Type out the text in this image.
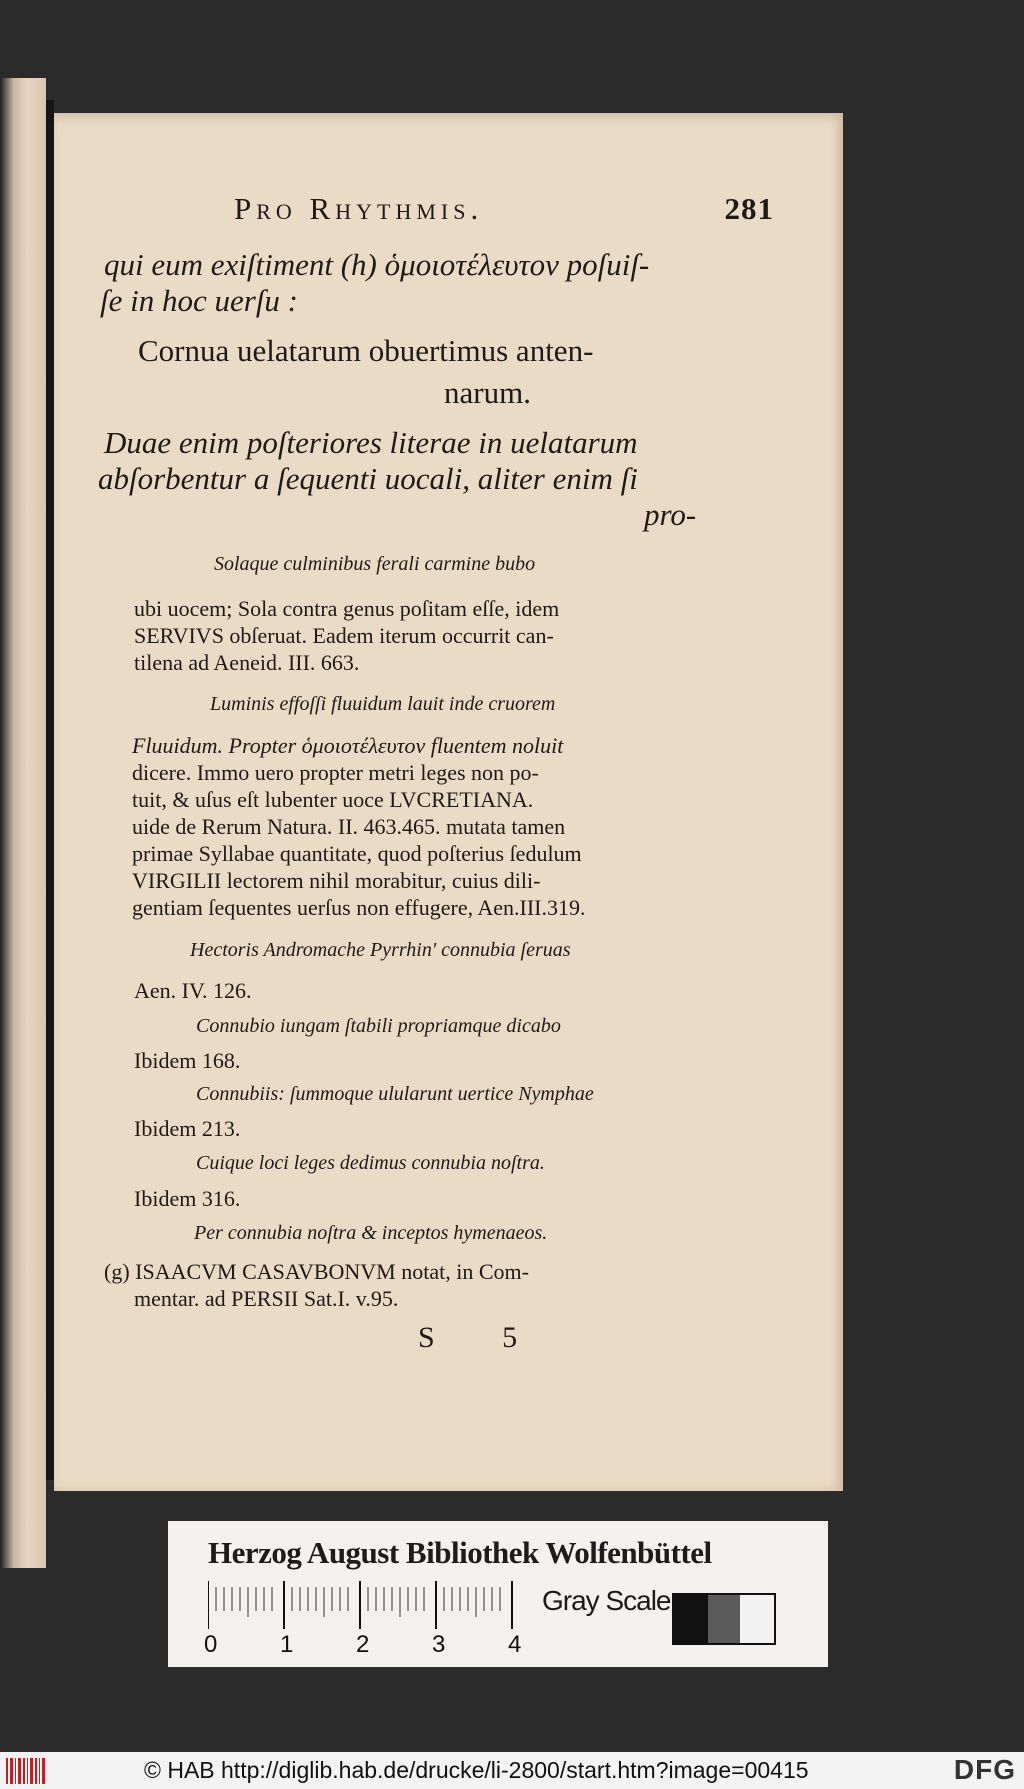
Pro Rhythmis.	281
qui eum exiſtiment (h) ὁμοιοτέλευτον poſuiſ-
ſe in hoc uerſu :
Cornua uelatarum obuertimus anten-
narum.
Duae enim poſteriores literae in uelatarum
abſorbentur a ſequenti uocali, aliter enim ſi
pro-
Solaque culminibus ferali carmine bubo
ubi uocem; Sola contra genus poſitam eſſe, idem
SERVIVS obſeruat. Eadem iterum occurrit can-
tilena ad Aeneid. III. 663.
Luminis effoſſi fluuidum lauit inde cruorem
Fluuidum. Propter ὁμοιοτέλευτον fluentem noluit
dicere. Immo uero propter metri leges non po-
tuit, & uſus eſt lubenter uoce LVCRETIANA.
uide de Rerum Natura. II. 463.465. mutata tamen
primae Syllabae quantitate, quod poſterius ſedulum
VIRGILII lectorem nihil morabitur, cuius dili-
gentiam ſequentes uerſus non effugere, Aen.III.319.
Hectoris Andromache Pyrrhin' connubia ſeruas
Aen. IV. 126.
Connubio iungam ſtabili propriamque dicabo
Ibidem 168.
Connubiis: ſummoque ulularunt uertice Nymphae
Ibidem 213.
Cuique loci leges dedimus connubia noſtra.
Ibidem 316.
Per connubia noſtra & inceptos hymenaeos.
(g) ISAACVM CASAVBONVM notat, in Com-
mentar. ad PERSII Sat.I. v.95.
S 5
Herzog August Bibliothek Wolfenbüttel
0	1	2	3	4
Gray Scale
© HAB http://diglib.hab.de/drucke/li-2800/start.htm?image=00415	DFG
